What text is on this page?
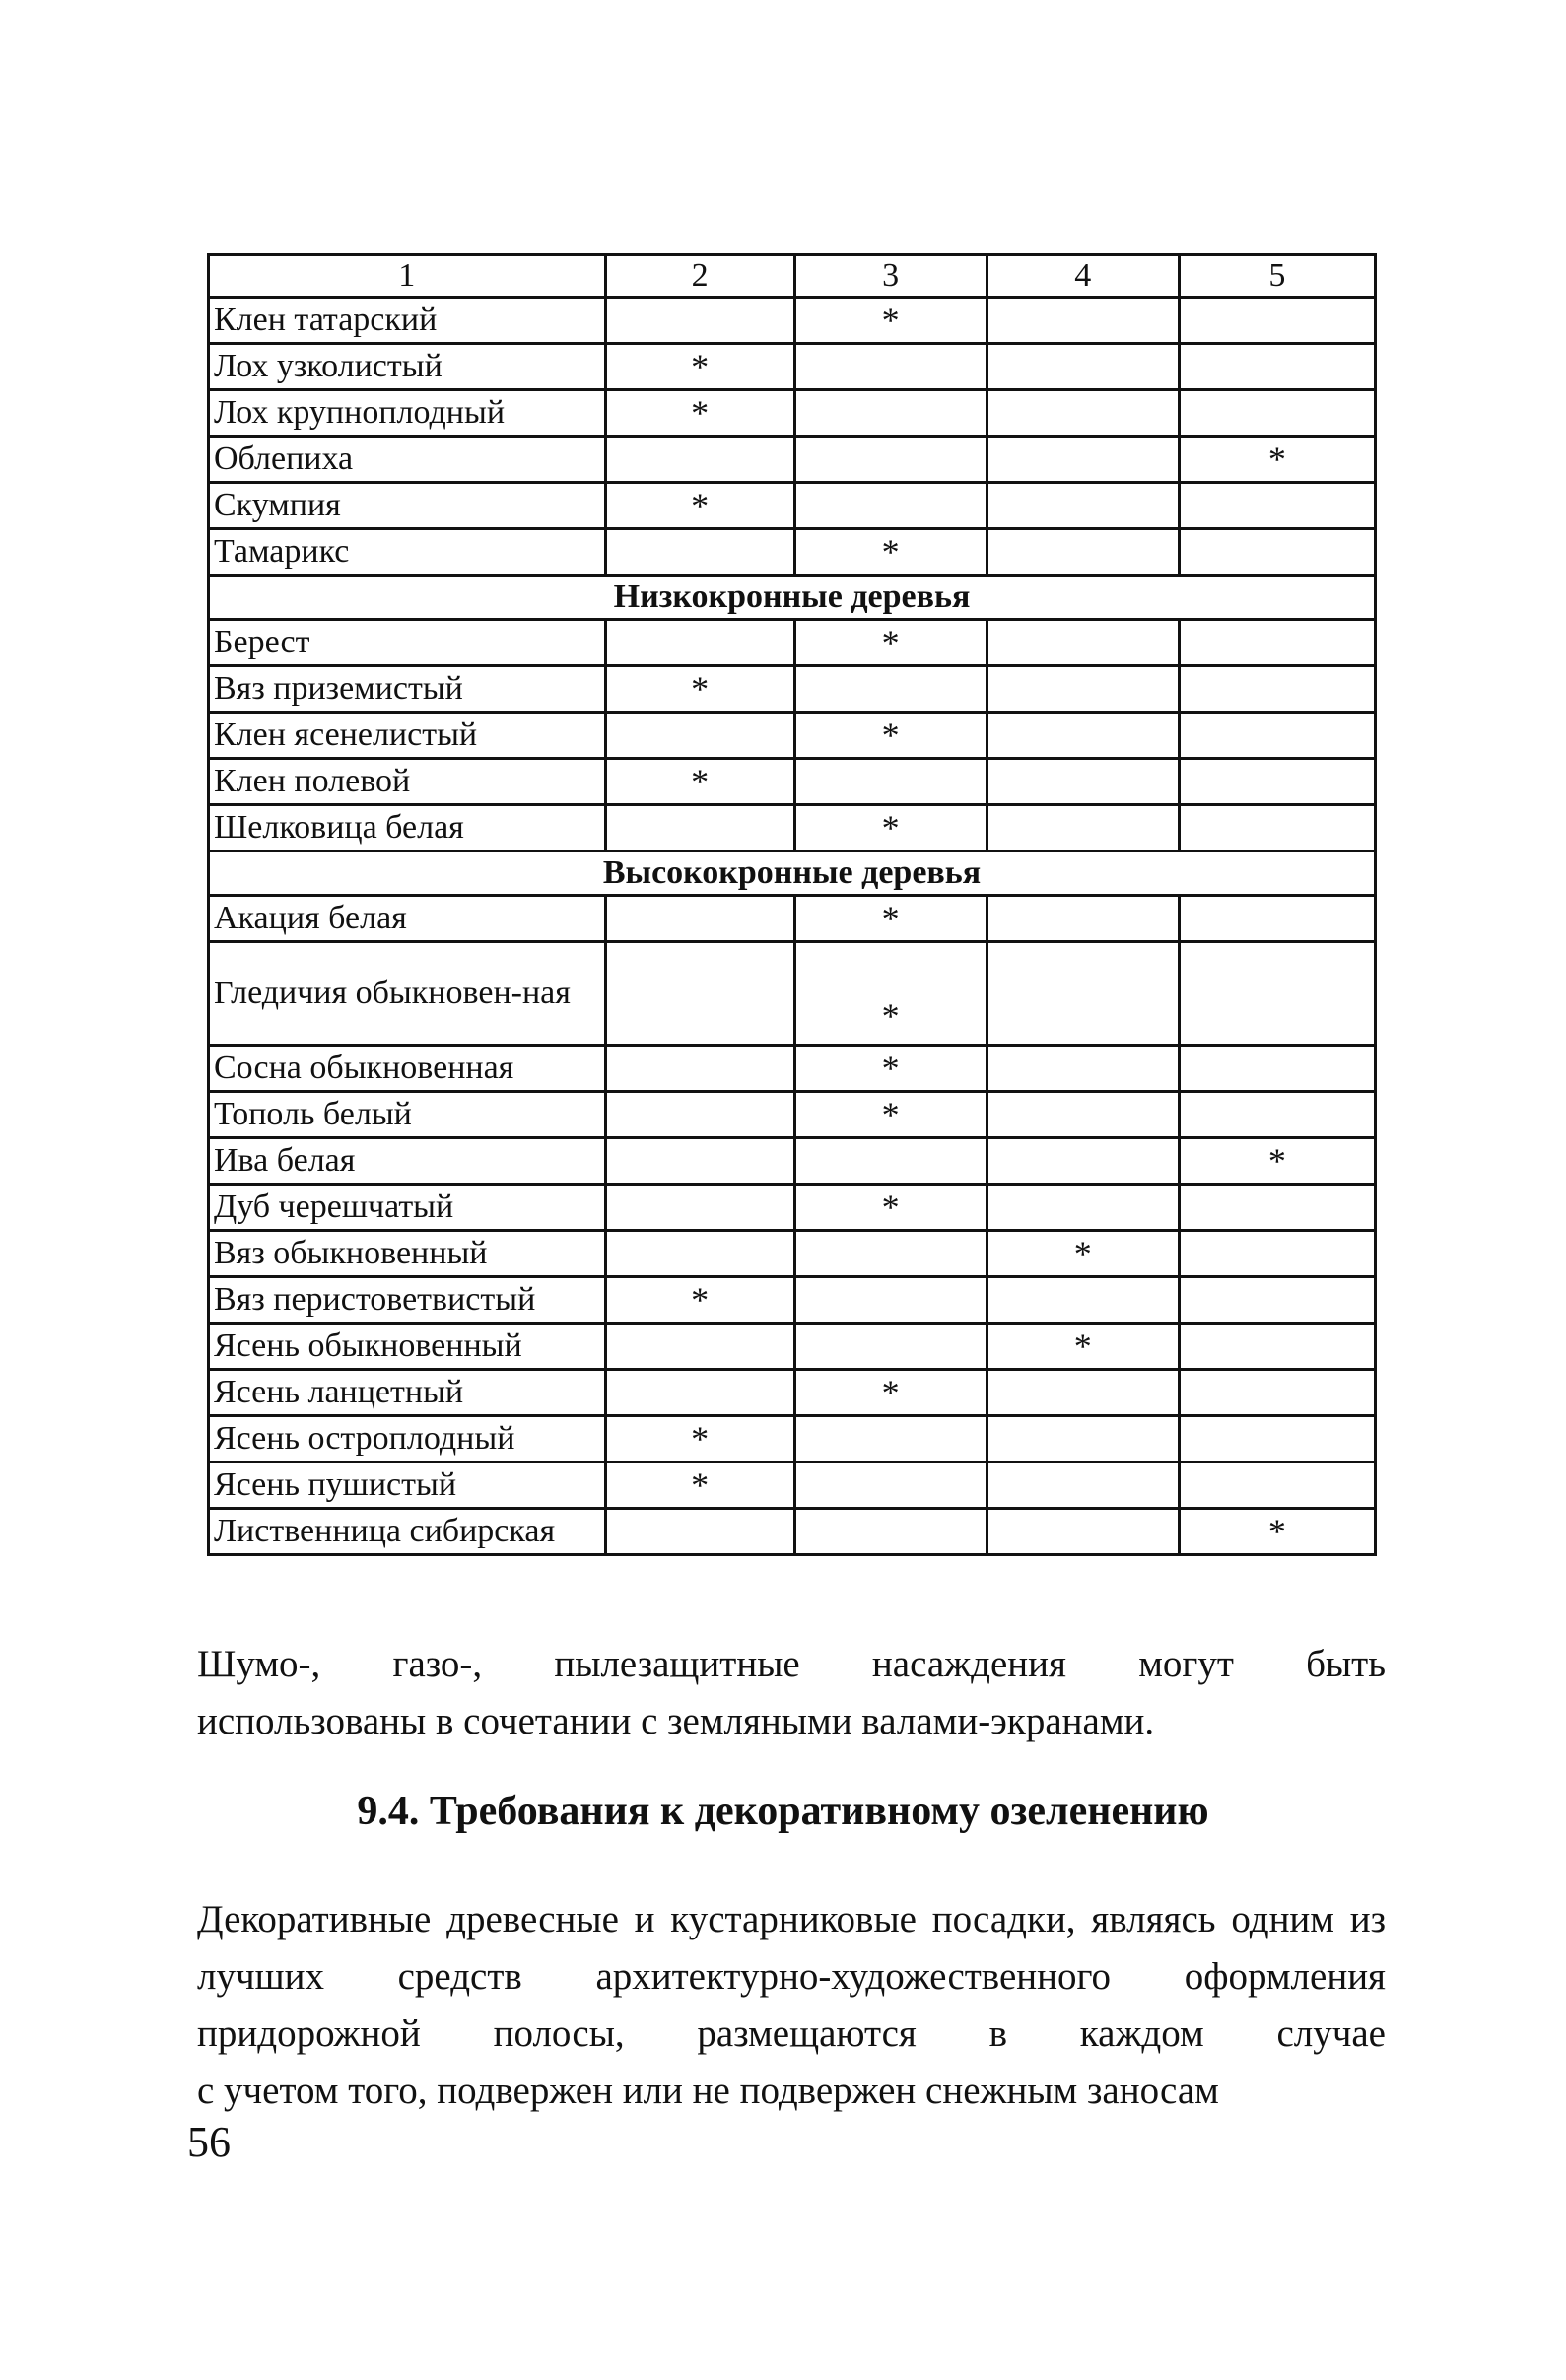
1	2	3	4	5
Клен татарский		*		
Лох узколистый	*			
Лох крупноплодный	*			
Облепиха				*
Скумпия	*			
Тамарикс		*		
Низкокронные деревья				
Берест		*		
Вяз приземистый	*			
Клен ясенелистый		*		
Клен полевой	*			
Шелковица белая		*		
Высококронные деревья				
Акация белая		*		
Гледичия обыкновен-ная		*		
Сосна обыкновенная		*		
Тополь белый		*		
Ива белая				*
Дуб черешчатый		*		
Вяз обыкновенный			*	
Вяз перистоветвистый	*			
Ясень обыкновенный			*	
Ясень ланцетный		*		
Ясень остроплодный	*			
Ясень пушистый	*			
Лиственница сибирская				*

Шумо-, газо-, пылезащитные насаждения могут быть
использованы в сочетании с земляными валами-экранами.

9.4. Требования к декоративному озеленению

Декоративные древесные и кустарниковые посадки, являясь одним из лучших средств архитектурно-художественного оформления придорожной полосы, размещаются в каждом случае
с учетом того, подвержен или не подвержен снежным заносам

56
